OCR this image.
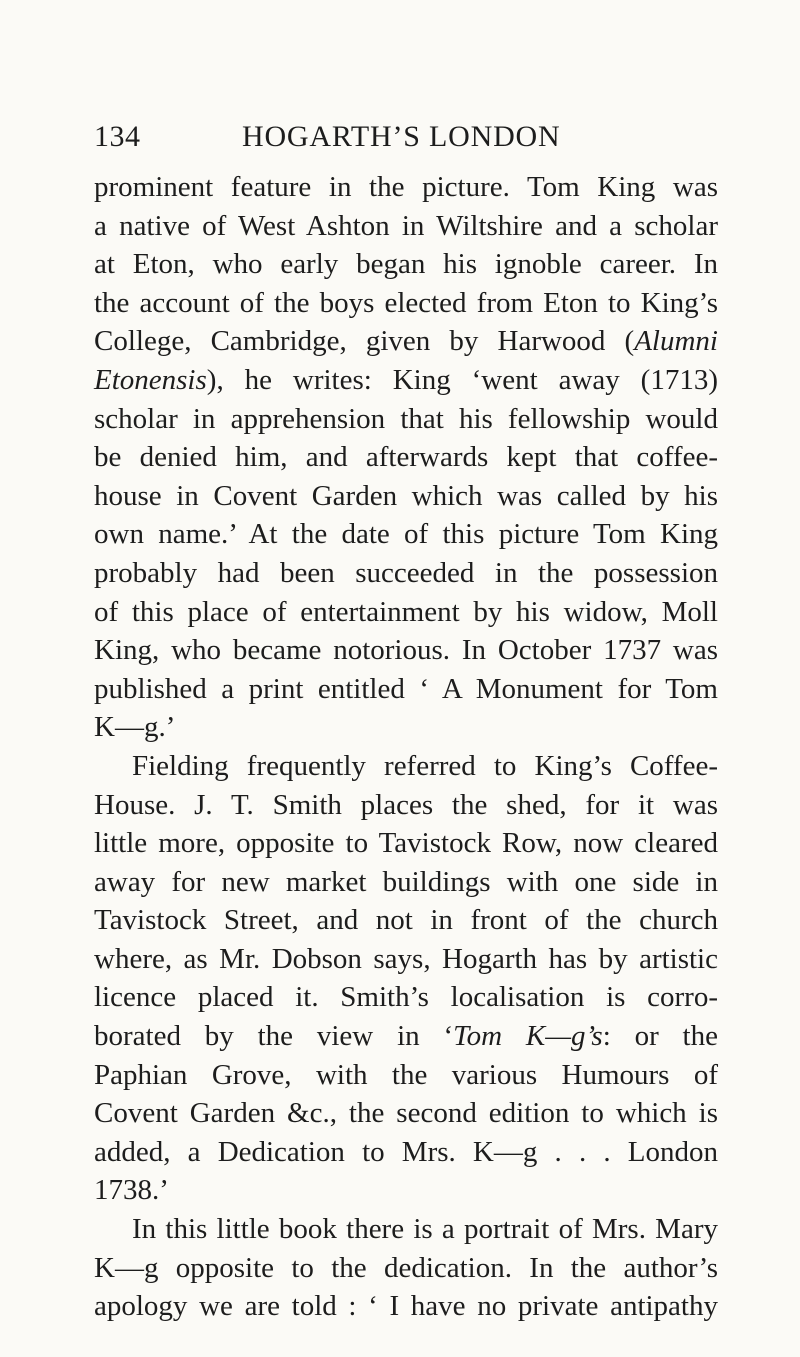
134	HOGARTH’S LONDON
prominent feature in the picture. Tom King was
a native of West Ashton in Wiltshire and a scholar
at Eton, who early began his ignoble career. In
the account of the boys elected from Eton to King’s
College, Cambridge, given by Harwood (Alumni
Etonensis), he writes: King ‘went away (1713)
scholar in apprehension that his fellowship would
be denied him, and afterwards kept that coffee-
house in Covent Garden which was called by his
own name.’ At the date of this picture Tom King
probably had been succeeded in the possession
of this place of entertainment by his widow, Moll
King, who became notorious. In October 1737 was
published a print entitled ‘ A Monument for Tom
K—g.’
Fielding frequently referred to King’s Coffee-
House. J. T. Smith places the shed, for it was
little more, opposite to Tavistock Row, now cleared
away for new market buildings with one side in
Tavistock Street, and not in front of the church
where, as Mr. Dobson says, Hogarth has by artistic
licence placed it. Smith’s localisation is corro-
borated by the view in ‘Tom K—g’s: or the
Paphian Grove, with the various Humours of
Covent Garden &c., the second edition to which is
added, a Dedication to Mrs. K—g . . . London
1738.’
In this little book there is a portrait of Mrs. Mary
K—g opposite to the dedication. In the author’s
apology we are told : ‘ I have no private antipathy
